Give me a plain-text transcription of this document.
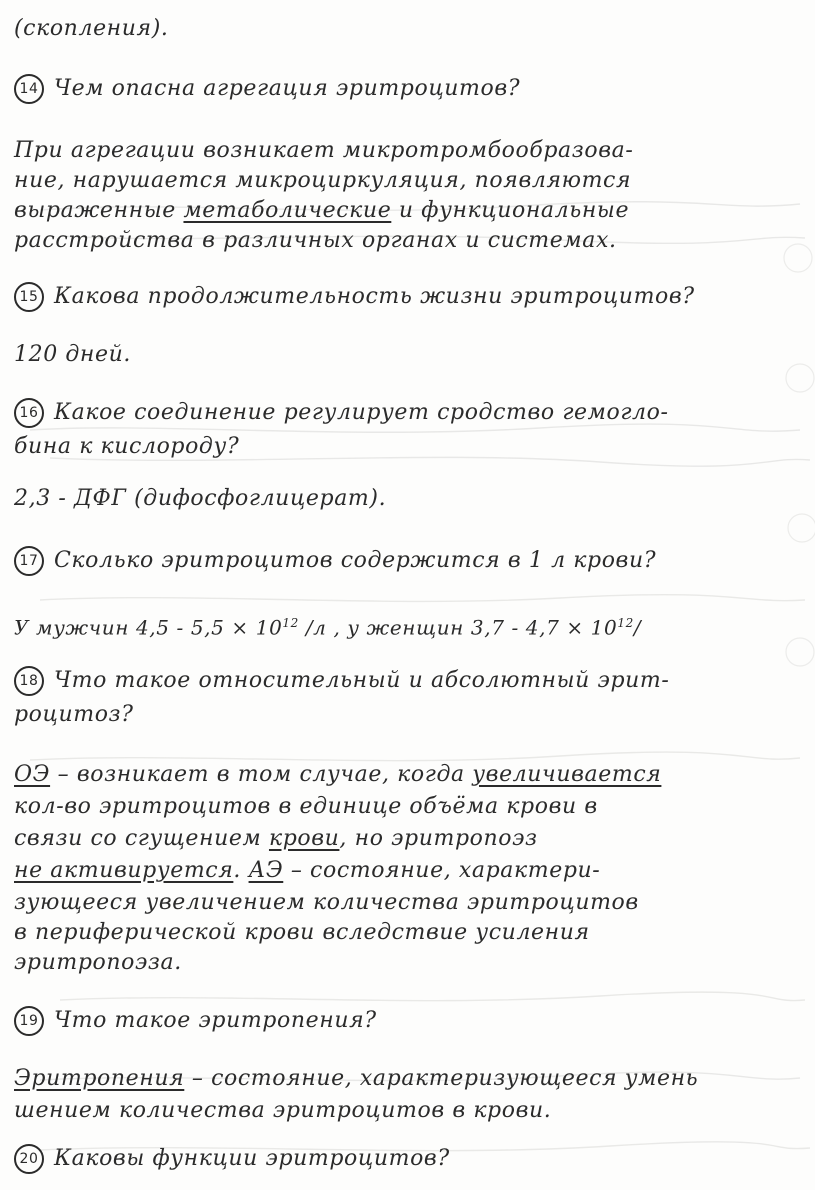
(скопления).
14 Чем опасна агрегация эритроцитов?
При агрегации возникает микротромбообразова-
ние, нарушается микроциркуляция, появляются
выраженные метаболические и функциональные
расстройства в различных органах и системах.
15 Какова продолжительность жизни эритроцитов?
120 дней.
16 Какое соединение регулирует сродство гемогло-
бина к кислороду?
2,3 - ДФГ (дифосфоглицерат).
17 Сколько эритроцитов содержится в 1 л крови?
У мужчин $4,5 - 5,5 \times 10^{12}$ /л , у женщин $3,7 - 4,7 \times 10^{12}/$
18 Что такое относительный и абсолютный эрит-
роцитоз?
ОЭ – возникает в том случае, когда увеличивается
кол-во эритроцитов в единице объёма крови в
связи со сгущением крови, но эритропоэз
не активируется. АЭ – состояние, характери-
зующееся увеличением количества эритроцитов
в периферической крови вследствие усиления
эритропоэза.
19 Что такое эритропения?
Эритропения – состояние, характеризующееся умень
шением количества эритроцитов в крови.
20 Каковы функции эритроцитов?
